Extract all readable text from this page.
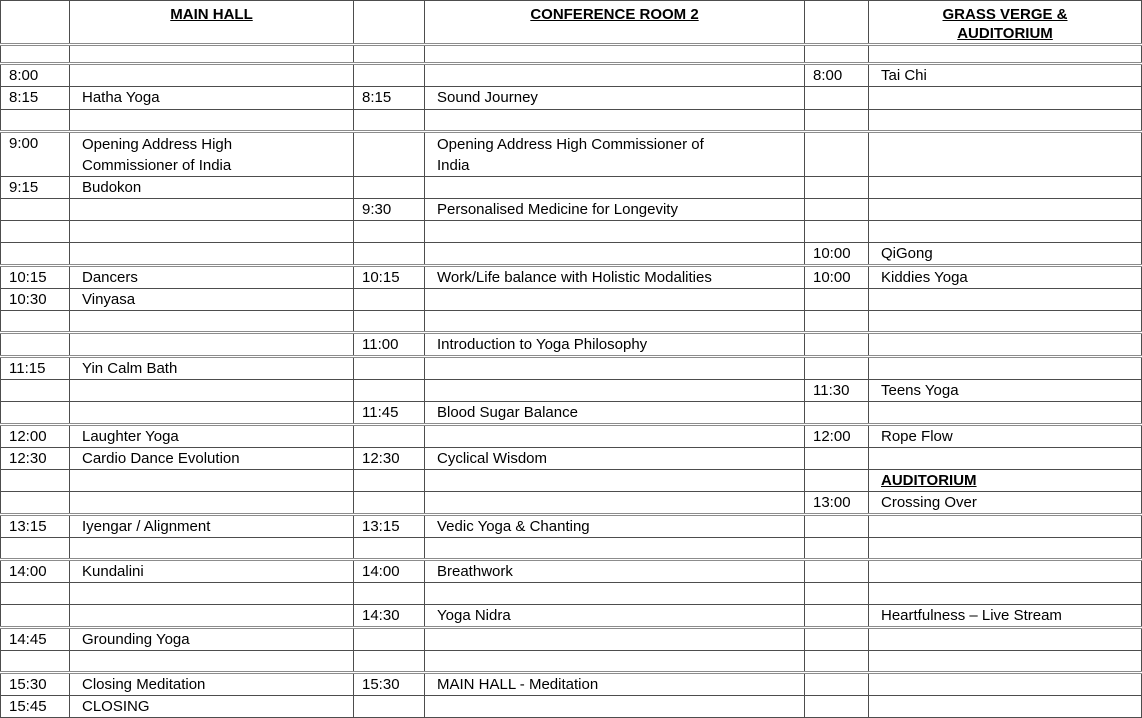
	MAIN HALL		CONFERENCE ROOM 2		GRASS VERGE & AUDITORIUM

8:00				8:00	Tai Chi
8:15	Hatha Yoga	8:15	Sound Journey		

9:00	Opening Address High Commissioner of India		Opening Address High Commissioner of India		
9:15	Budokon				
		9:30	Personalised Medicine for Longevity		

				10:00	QiGong
10:15	Dancers	10:15	Work/Life balance with Holistic Modalities	10:00	Kiddies Yoga
10:30	Vinyasa				

		11:00	Introduction to Yoga Philosophy		
11:15	Yin Calm Bath				
				11:30	Teens Yoga
		11:45	Blood Sugar Balance		
12:00	Laughter Yoga			12:00	Rope Flow
12:30	Cardio Dance Evolution	12:30	Cyclical Wisdom		
					AUDITORIUM
				13:00	Crossing Over
13:15	Iyengar / Alignment	13:15	Vedic Yoga & Chanting		

14:00	Kundalini	14:00	Breathwork		

		14:30	Yoga Nidra		Heartfulness – Live Stream
14:45	Grounding Yoga				

15:30	Closing Meditation	15:30	MAIN HALL - Meditation		
15:45	CLOSING				
